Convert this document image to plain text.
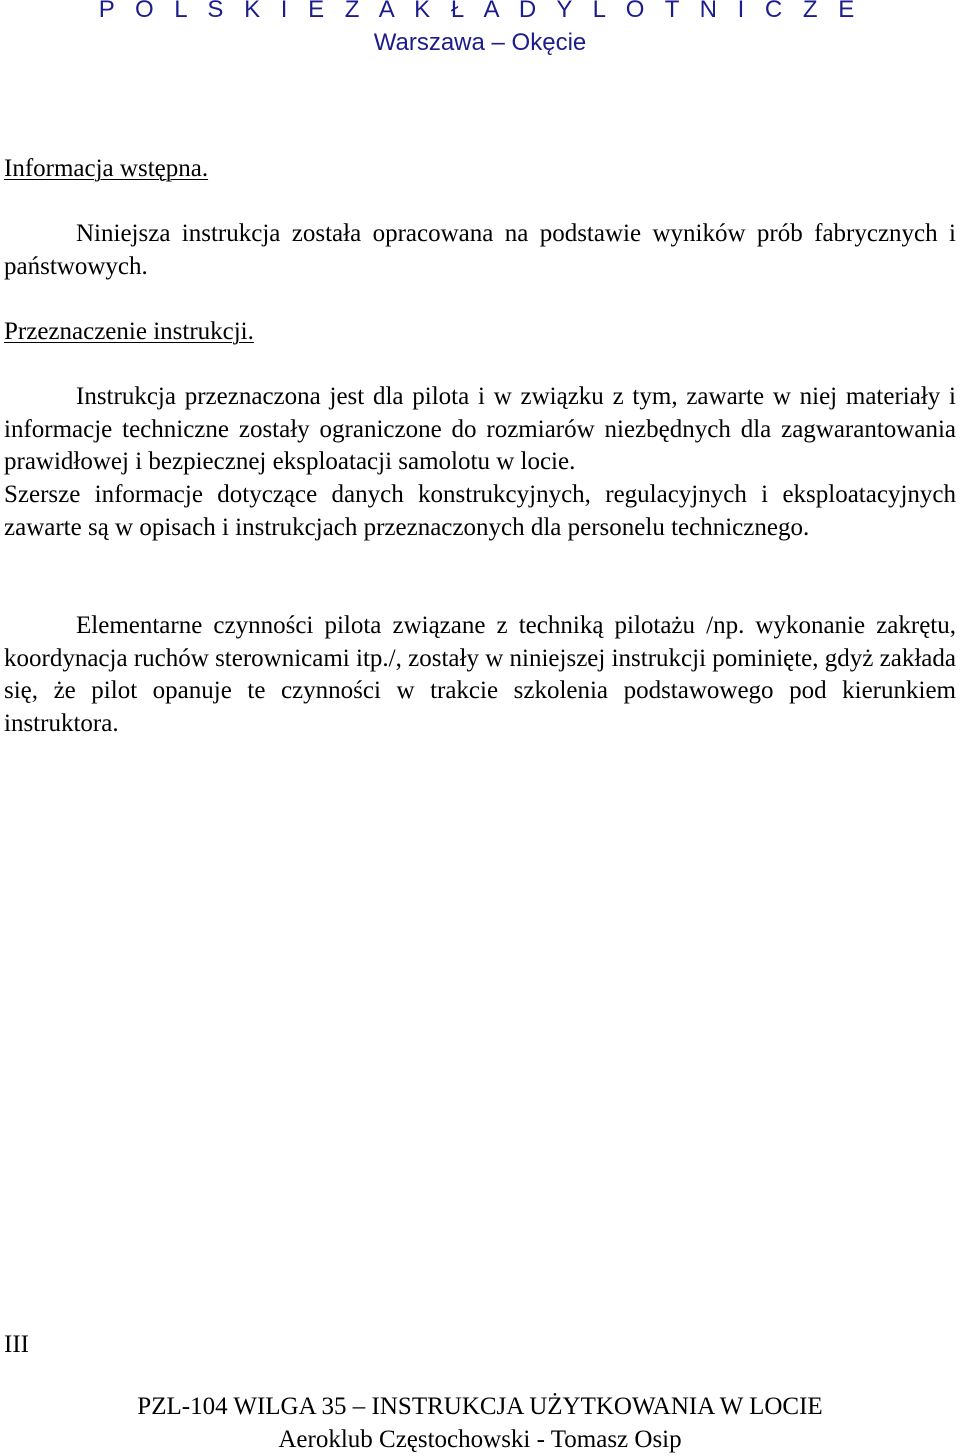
P O L S K I E Z A K Ł A D Y L O T N I C Z E
Warszawa – Okęcie
Informacja wstępna.

Niniejsza instrukcja została opracowana na podstawie wyników prób fabrycznych i państwowych.

Przeznaczenie instrukcji.

Instrukcja przeznaczona jest dla pilota i w związku z tym, zawarte w niej materiały i informacje techniczne zostały ograniczone do rozmiarów niezbędnych dla zagwarantowania prawidłowej i bezpiecznej eksploatacji samolotu w locie.

Szersze informacje dotyczące danych konstrukcyjnych, regulacyjnych i eksploatacyjnych zawarte są w opisach i instrukcjach przeznaczonych dla personelu technicznego.

Elementarne czynności pilota związane z techniką pilotażu /np. wykonanie zakrętu, koordynacja ruchów sterownicami itp./, zostały w niniejszej instrukcji pominięte, gdyż zakłada się, że pilot opanuje te czynności w trakcie szkolenia podstawowego pod kierunkiem instruktora.

III
PZL-104 WILGA 35 – INSTRUKCJA UŻYTKOWANIA W LOCIE
Aeroklub Częstochowski - Tomasz Osip
